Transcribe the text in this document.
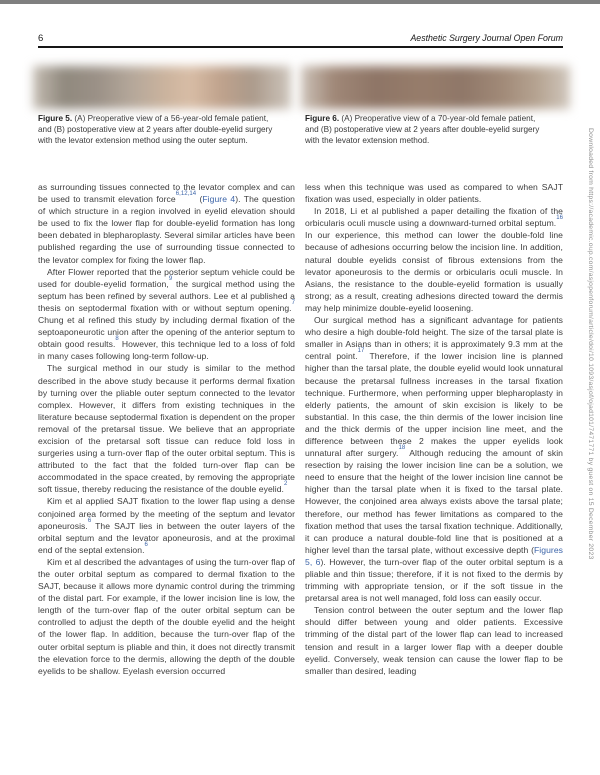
6	Aesthetic Surgery Journal Open Forum

Figure 5. (A) Preoperative view of a 56-year-old female patient, and (B) postoperative view at 2 years after double-eyelid surgery with the levator extension method using the outer septum.

Figure 6. (A) Preoperative view of a 70-year-old female patient, and (B) postoperative view at 2 years after double-eyelid surgery with the levator extension method.

as surrounding tissues connected to the levator complex and can be used to transmit elevation force$^{6,12,14}$ (Figure 4). The question of which structure in a region involved in eyelid elevation should be used to fix the lower flap for double-eyelid formation has long been debated in blepharoplasty. Several similar articles have been published regarding the use of surrounding tissue connected to the levator complex for fixing the lower flap.

After Flower reported that the posterior septum vehicle could be used for double-eyelid formation,$^9$ the surgical method using the septum has been refined by several authors. Lee et al published a thesis on septodermal fixation with or without septum opening.$^7$ Chung et al refined this study by including dermal fixation of the septoaponeurotic union after the opening of the anterior septum to obtain good results.$^8$ However, this technique led to a loss of fold in many cases following long-term follow-up.

The surgical method in our study is similar to the method described in the above study because it performs dermal fixation by turning over the pliable outer septum connected to the levator complex. However, it differs from existing techniques in the literature because septodermal fixation is dependent on the proper removal of the pretarsal tissue. We believe that an appropriate excision of the pretarsal soft tissue can reduce fold loss in surgeries using a turn-over flap of the outer orbital septum. This is attributed to the fact that the folded turn-over flap can be accommodated in the space created, by removing the appropriate soft tissue, thereby reducing the resistance of the double eyelid.$^2$

Kim et al applied SAJT fixation to the lower flap using a dense conjoined area formed by the meeting of the septum and levator aponeurosis.$^6$ The SAJT lies in between the outer layers of the orbital septum and the levator aponeurosis, and at the proximal end of the septal extension.$^6$

Kim et al described the advantages of using the turn-over flap of the outer orbital septum as compared to dermal fixation to the SAJT, because it allows more dynamic control during the trimming of the distal part. For example, if the lower incision line is low, the length of the turn-over flap of the outer orbital septum can be controlled to adjust the depth of the double eyelid and the height of the lower flap. In addition, because the turn-over flap of the outer orbital septum is pliable and thin, it does not directly transmit the elevation force to the dermis, allowing the depth of the double eyelids to be shallow. Eyelash eversion occurred

less when this technique was used as compared to when SAJT fixation was used, especially in older patients.

In 2018, Li et al published a paper detailing the fixation of the orbicularis oculi muscle using a downward-turned orbital septum.$^{16}$ In our experience, this method can lower the double-fold line because of adhesions occurring below the incision line. In addition, natural double eyelids consist of fibrous extensions from the levator aponeurosis to the dermis or orbicularis oculi muscle. In Asians, the resistance to the double-eyelid formation is usually strong; as a result, creating adhesions directed toward the dermis may help minimize double-eyelid loosening.

Our surgical method has a significant advantage for patients who desire a high double-fold height. The size of the tarsal plate is smaller in Asians than in others; it is approximately 9.3 mm at the central point.$^{17}$ Therefore, if the lower incision line is planned higher than the tarsal plate, the double eyelid would look unnatural because the pretarsal fullness increases in the tarsal fixation technique. Furthermore, when performing upper blepharoplasty in elderly patients, the amount of skin excision is likely to be substantial. In this case, the thin dermis of the lower incision line and the thick dermis of the upper incision line meet, and the difference between these 2 makes the upper eyelids look unnatural after surgery.$^{18}$ Although reducing the amount of skin resection by raising the lower incision line can be a solution, we need to ensure that the height of the lower incision line cannot be higher than the tarsal plate when it is fixed to the tarsal plate. However, the conjoined area always exists above the tarsal plate; therefore, our method has fewer limitations as compared to the fixation method that uses the tarsal fixation technique. Additionally, it can produce a natural double-fold line that is positioned at a higher level than the tarsal plate, without excessive depth (Figures 5, 6). However, the turn-over flap of the outer orbital septum is a pliable and thin tissue; therefore, if it is not fixed to the dermis by trimming with appropriate tension, or if the soft tissue in the pretarsal area is not well managed, fold loss can easily occur.

Tension control between the outer septum and the lower flap should differ between young and older patients. Excessive trimming of the distal part of the lower flap can lead to increased tension and result in a larger lower flap with a deeper double eyelid. Conversely, weak tension can cause the lower flap to be smaller than desired, leading

Downloaded from https://academic.oup.com/asjopenforum/article/doi/10.1093/asjof/ojad101/7471771 by guest on 15 December 2023
